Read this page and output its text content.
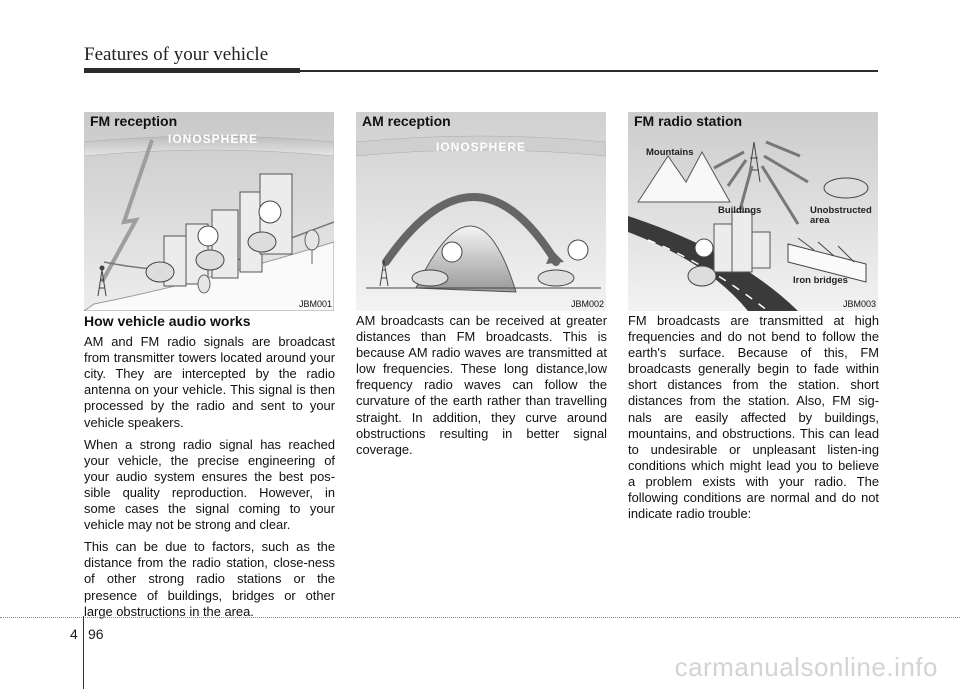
Features of your vehicle
FM reception
IONOSPHERE
JBM001
AM reception
IONOSPHERE
JBM002
FM radio station
Mountains
Buildings	Unobstructed area
Iron bridges
JBM003
How vehicle audio works

AM and FM radio signals are broadcast from transmitter towers located around your city. They are intercepted by the radio antenna on your vehicle. This signal is then processed by the radio and sent to your vehicle speakers.

When a strong radio signal has reached your vehicle, the precise engineering of your audio system ensures the best pos-sible quality reproduction. However, in some cases the signal coming to your vehicle may not be strong and clear.

This can be due to factors, such as the distance from the radio station, close-ness of other strong radio stations or the presence of buildings, bridges or other large obstructions in the area.

AM broadcasts can be received at greater distances than FM broadcasts. This is because AM radio waves are transmitted at low frequencies. These long distance,low frequency radio waves can follow the curvature of the earth rather than travelling straight. In addition, they curve around obstructions resulting in better signal coverage.

FM broadcasts are transmitted at high frequencies and do not bend to follow the earth's surface. Because of this, FM broadcasts generally begin to fade within short distances from the station. short distances from the station. Also, FM sig-nals are easily affected by buildings, mountains, and obstructions. This can lead to undesirable or unpleasant listen-ing conditions which might lead you to believe a problem exists with your radio. The following conditions are normal and do not indicate radio trouble:

4 96
carmanualsonline.info
